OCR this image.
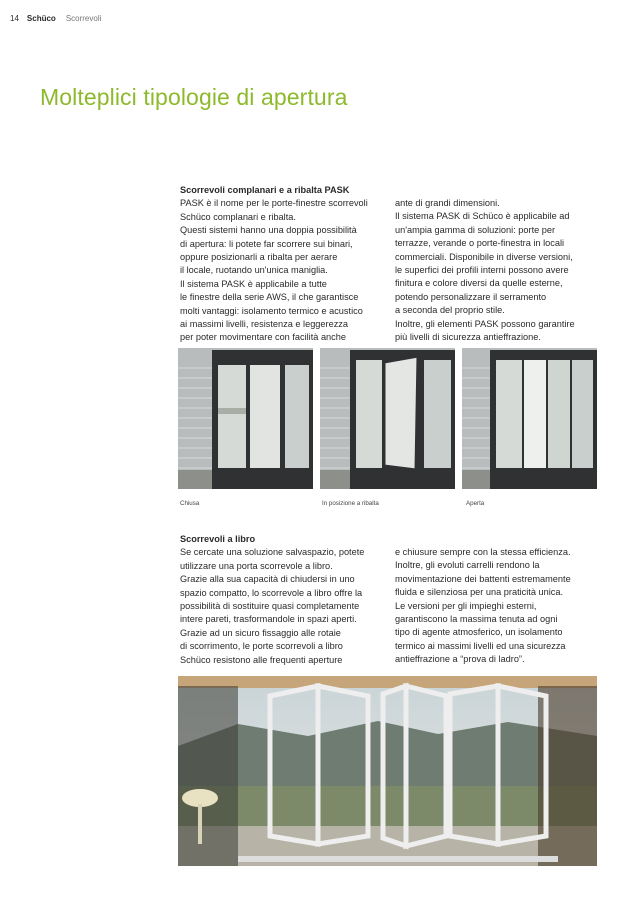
14 Schüco Scorrevoli
Molteplici tipologie di apertura

Scorrevoli complanari e a ribalta PASK

PASK è il nome per le porte-finestre scorrevoli

Schüco complanari e ribalta.

Questi sistemi hanno una doppia possibilità

di apertura: li potete far scorrere sui binari,

oppure posizionarli a ribalta per aerare

il locale, ruotando un'unica maniglia.

Il sistema PASK è applicabile a tutte

le finestre della serie AWS, il che garantisce

molti vantaggi: isolamento termico e acustico

ai massimi livelli, resistenza e leggerezza

per poter movimentare con facilità anche

ante di grandi dimensioni.

Il sistema PASK di Schüco è applicabile ad

un'ampia gamma di soluzioni: porte per

terrazze, verande o porte-finestra in locali

commerciali. Disponibile in diverse versioni,

le superfici dei profili interni possono avere

finitura e colore diversi da quelle esterne,

potendo personalizzare il serramento

a seconda del proprio stile.

Inoltre, gli elementi PASK possono garantire

più livelli di sicurezza antieffrazione.

Chiusa	In posizione a ribalta	Aperta

Scorrevoli a libro

Se cercate una soluzione salvaspazio, potete

utilizzare una porta scorrevole a libro.

Grazie alla sua capacità di chiudersi in uno

spazio compatto, lo scorrevole a libro offre la

possibilità di sostituire quasi completamente

intere pareti, trasformandole in spazi aperti.

Grazie ad un sicuro fissaggio alle rotaie

di scorrimento, le porte scorrevoli a libro

Schüco resistono alle frequenti aperture

e chiusure sempre con la stessa efficienza.

Inoltre, gli evoluti carrelli rendono la

movimentazione dei battenti estremamente

fluida e silenziosa per una praticità unica.

Le versioni per gli impieghi esterni,

garantiscono la massima tenuta ad ogni

tipo di agente atmosferico, un isolamento

termico ai massimi livelli ed una sicurezza

antieffrazione a “prova di ladro”.
